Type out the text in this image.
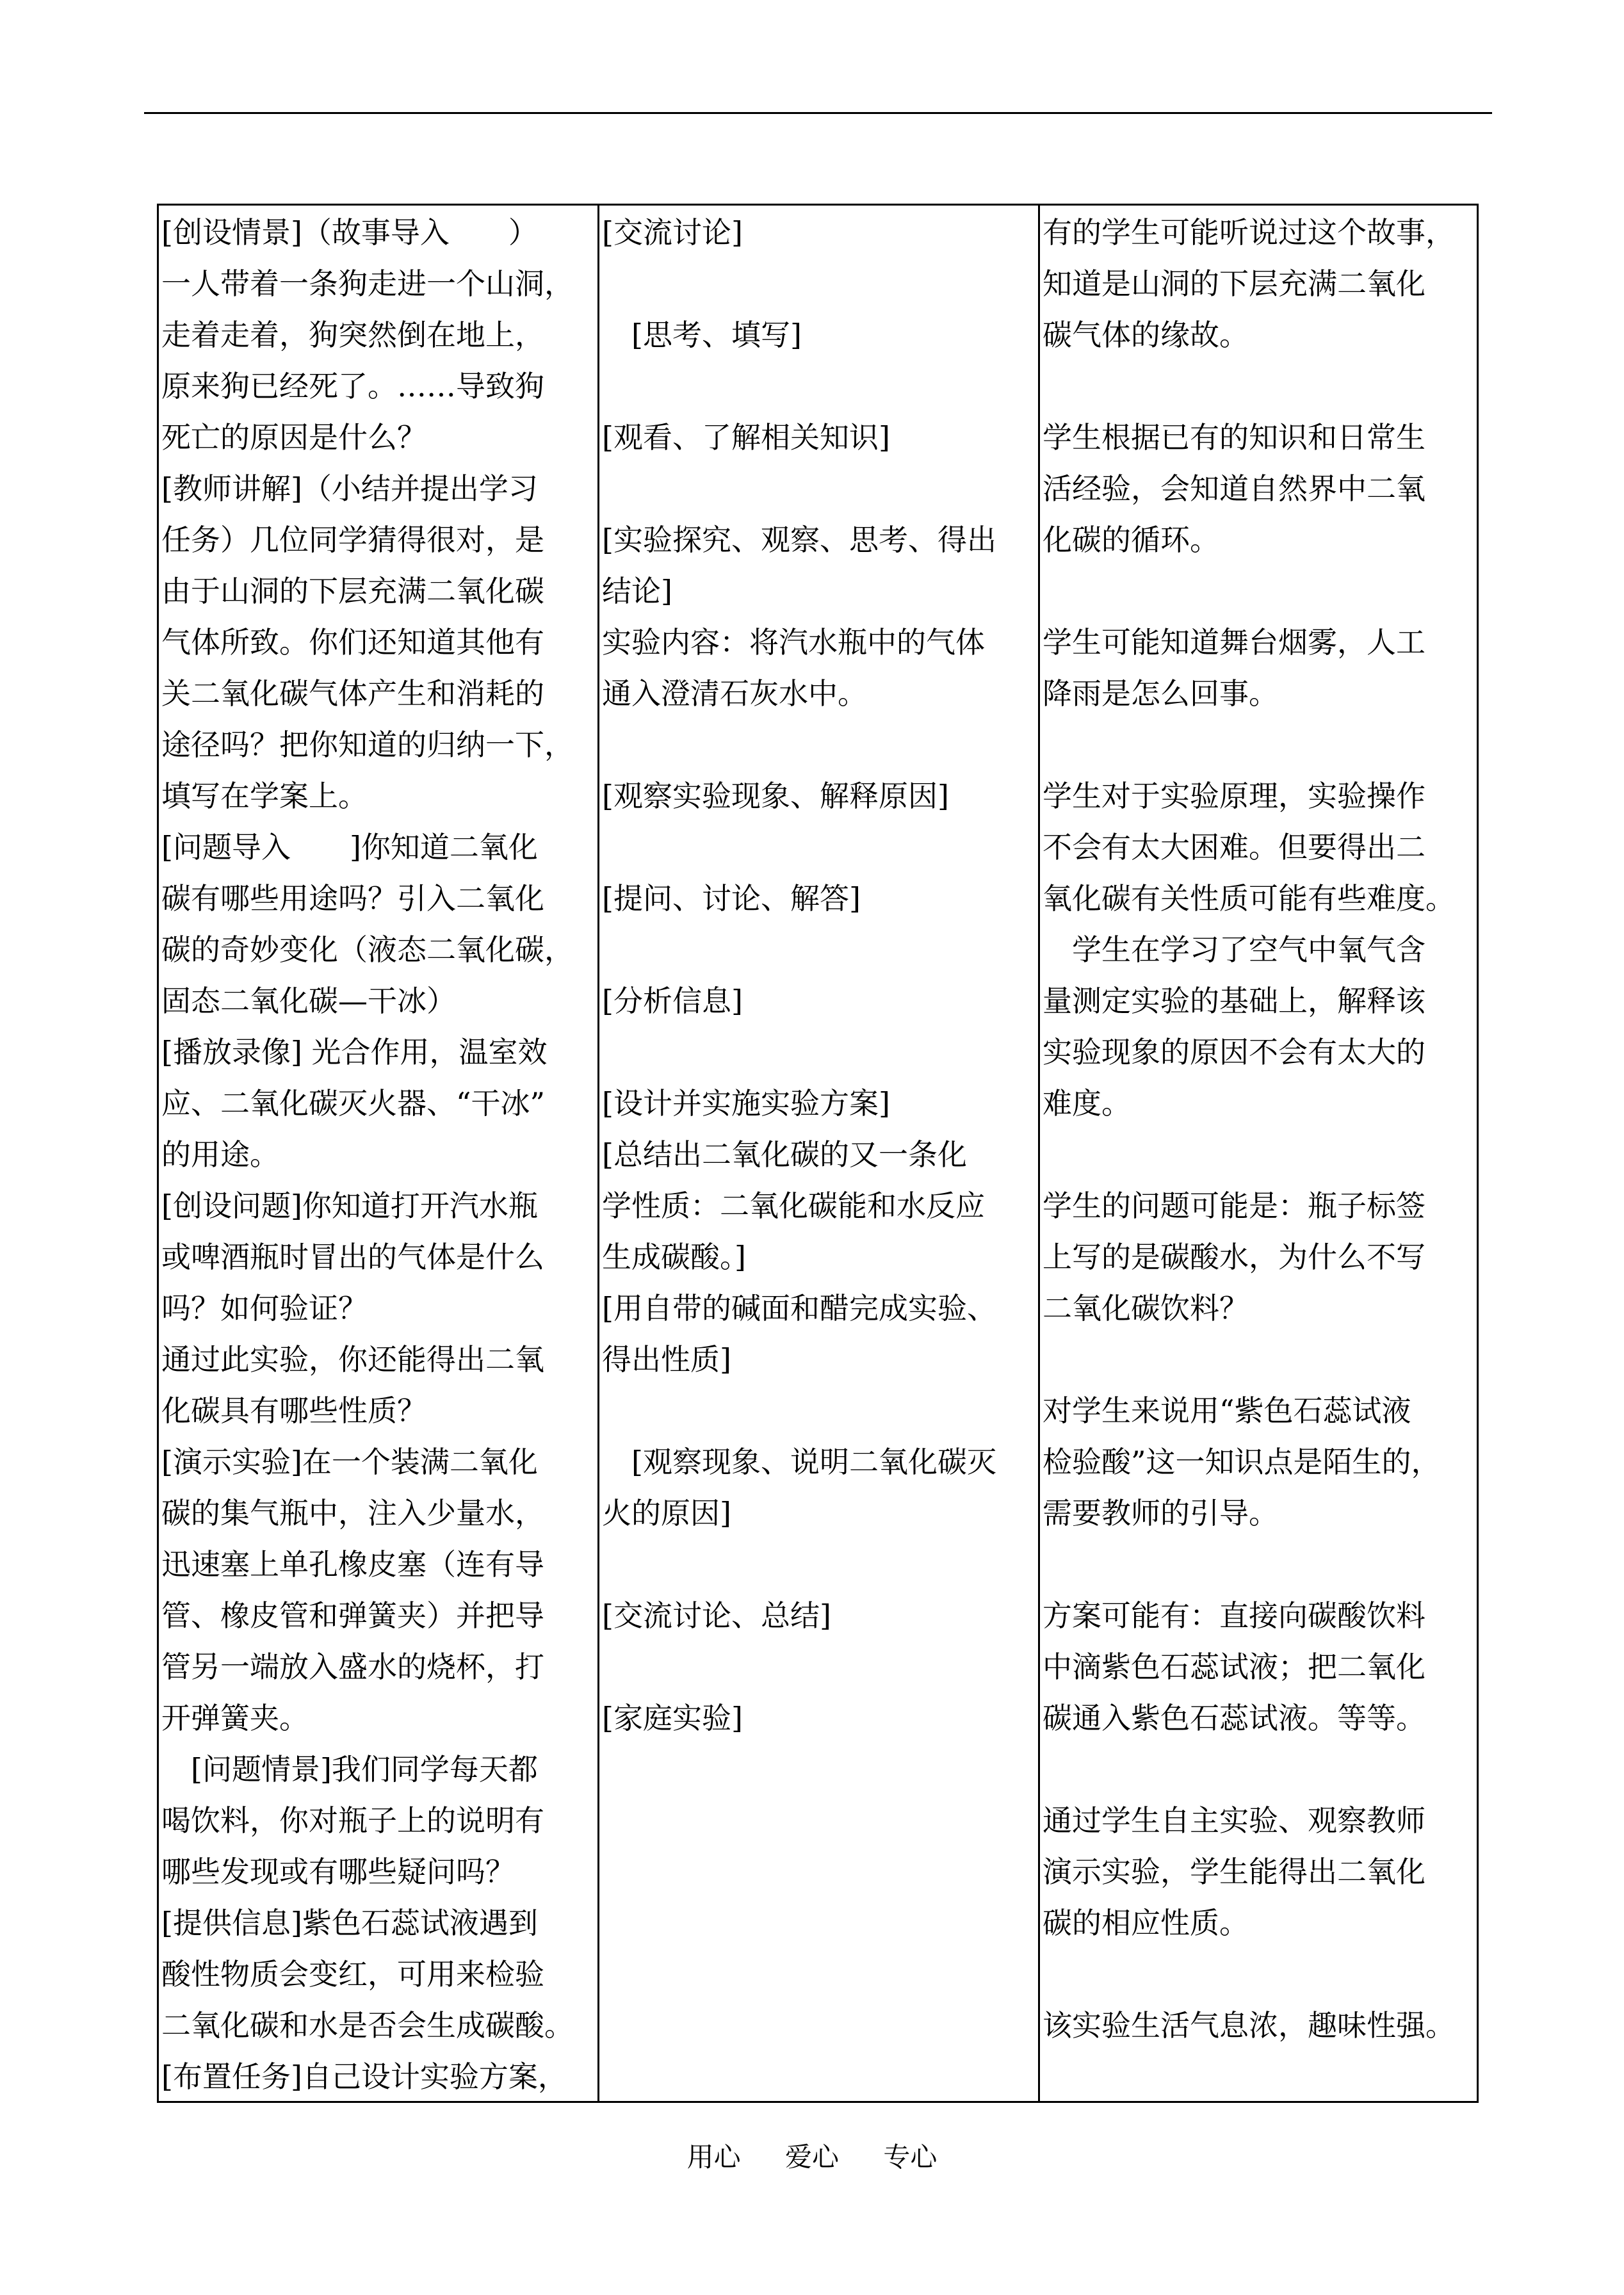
[创设情景]（故事导入　　）
一人带着一条狗走进一个山洞，
走着走着，狗突然倒在地上，
原来狗已经死了。……导致狗
死亡的原因是什么？
[教师讲解]（小结并提出学习
任务）几位同学猜得很对，是
由于山洞的下层充满二氧化碳
气体所致。你们还知道其他有
关二氧化碳气体产生和消耗的
途径吗？把你知道的归纳一下，
填写在学案上。
[问题导入　　]你知道二氧化
碳有哪些用途吗？引入二氧化
碳的奇妙变化（液态二氧化碳，
固态二氧化碳—干冰）
[播放录像] 光合作用，温室效
应、二氧化碳灭火器、“干冰”
的用途。
[创设问题]你知道打开汽水瓶
或啤酒瓶时冒出的气体是什么
吗？如何验证？
通过此实验，你还能得出二氧
化碳具有哪些性质？
[演示实验]在一个装满二氧化
碳的集气瓶中，注入少量水，
迅速塞上单孔橡皮塞（连有导
管、橡皮管和弹簧夹）并把导
管另一端放入盛水的烧杯，打
开弹簧夹。
　[问题情景]我们同学每天都
喝饮料，你对瓶子上的说明有
哪些发现或有哪些疑问吗？
[提供信息]紫色石蕊试液遇到
酸性物质会变红，可用来检验
二氧化碳和水是否会生成碳酸。
[布置任务]自己设计实验方案，
[交流讨论]
　[思考、填写]
[观看、了解相关知识]
[实验探究、观察、思考、得出
结论]
实验内容：将汽水瓶中的气体
通入澄清石灰水中。
[观察实验现象、解释原因]
[提问、讨论、解答]
[分析信息]
[设计并实施实验方案]
[总结出二氧化碳的又一条化
学性质：二氧化碳能和水反应
生成碳酸。]
[用自带的碱面和醋完成实验、
得出性质]
　[观察现象、说明二氧化碳灭
火的原因]
[交流讨论、总结]
[家庭实验]
有的学生可能听说过这个故事，
知道是山洞的下层充满二氧化
碳气体的缘故。
学生根据已有的知识和日常生
活经验，会知道自然界中二氧
化碳的循环。
学生可能知道舞台烟雾，人工
降雨是怎么回事。
学生对于实验原理，实验操作
不会有太大困难。但要得出二
氧化碳有关性质可能有些难度。
　学生在学习了空气中氧气含
量测定实验的基础上，解释该
实验现象的原因不会有太大的
难度。
学生的问题可能是：瓶子标签
上写的是碳酸水，为什么不写
二氧化碳饮料？
对学生来说用“紫色石蕊试液
检验酸”这一知识点是陌生的，
需要教师的引导。
方案可能有：直接向碳酸饮料
中滴紫色石蕊试液；把二氧化
碳通入紫色石蕊试液。等等。
通过学生自主实验、观察教师
演示实验，学生能得出二氧化
碳的相应性质。
该实验生活气息浓，趣味性强。
用心 爱心 专心
